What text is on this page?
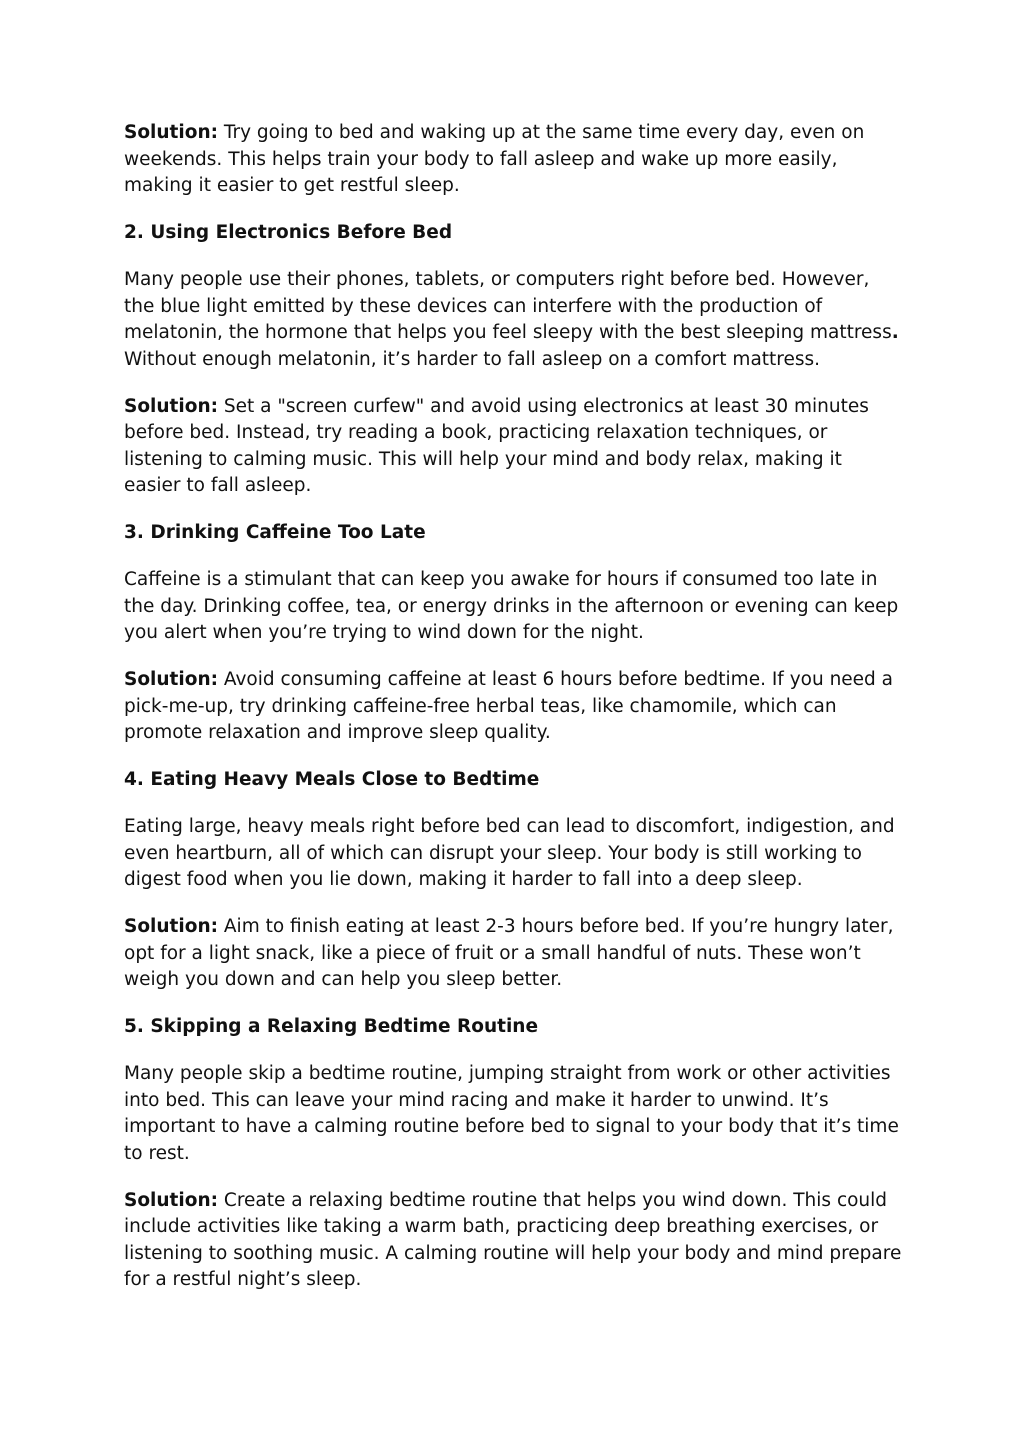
Solution: Try going to bed and waking up at the same time every day, even on weekends. This helps train your body to fall asleep and wake up more easily, making it easier to get restful sleep.

2. Using Electronics Before Bed

Many people use their phones, tablets, or computers right before bed. However, the blue light emitted by these devices can interfere with the production of melatonin, the hormone that helps you feel sleepy with the best sleeping mattress. Without enough melatonin, it’s harder to fall asleep on a comfort mattress.

Solution: Set a "screen curfew" and avoid using electronics at least 30 minutes before bed. Instead, try reading a book, practicing relaxation techniques, or listening to calming music. This will help your mind and body relax, making it easier to fall asleep.

3. Drinking Caffeine Too Late

Caffeine is a stimulant that can keep you awake for hours if consumed too late in the day. Drinking coffee, tea, or energy drinks in the afternoon or evening can keep you alert when you’re trying to wind down for the night.

Solution: Avoid consuming caffeine at least 6 hours before bedtime. If you need a pick-me-up, try drinking caffeine-free herbal teas, like chamomile, which can promote relaxation and improve sleep quality.

4. Eating Heavy Meals Close to Bedtime

Eating large, heavy meals right before bed can lead to discomfort, indigestion, and even heartburn, all of which can disrupt your sleep. Your body is still working to digest food when you lie down, making it harder to fall into a deep sleep.

Solution: Aim to finish eating at least 2-3 hours before bed. If you’re hungry later, opt for a light snack, like a piece of fruit or a small handful of nuts. These won’t weigh you down and can help you sleep better.

5. Skipping a Relaxing Bedtime Routine

Many people skip a bedtime routine, jumping straight from work or other activities into bed. This can leave your mind racing and make it harder to unwind. It’s important to have a calming routine before bed to signal to your body that it’s time to rest.

Solution: Create a relaxing bedtime routine that helps you wind down. This could include activities like taking a warm bath, practicing deep breathing exercises, or listening to soothing music. A calming routine will help your body and mind prepare for a restful night’s sleep.
